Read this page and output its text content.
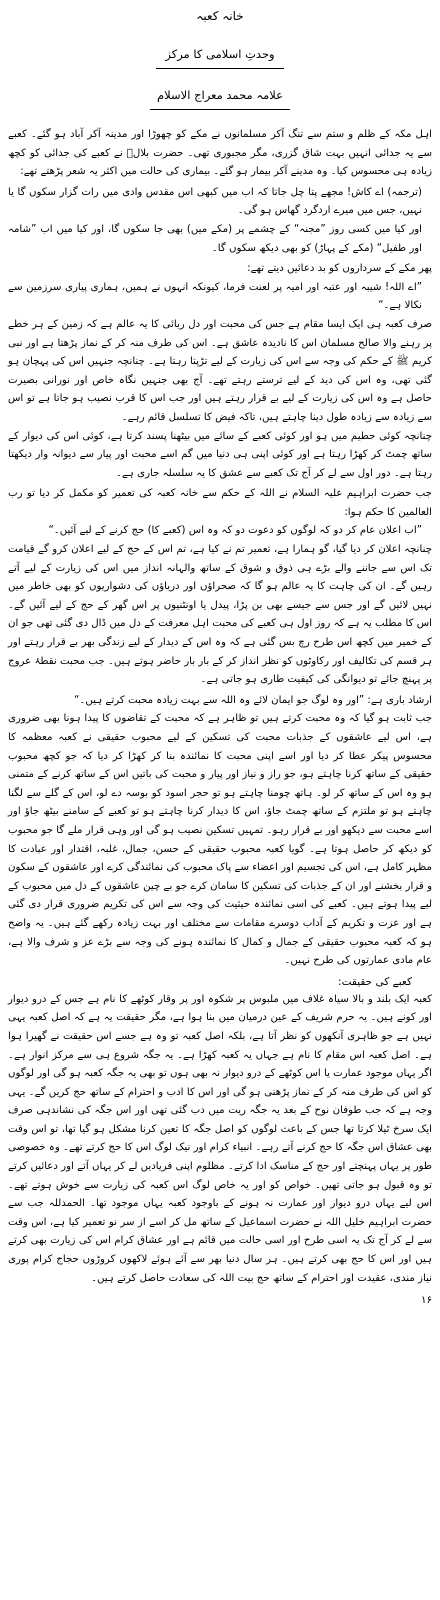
خانہ کعبہ
وحدتِ اسلامی کا مرکز
علامہ محمد معراج الاسلام

اہل مکہ کے ظلم و ستم سے تنگ آکر مسلمانوں نے مکے کو چھوڑا اور مدینہ آکر آباد ہو گئے۔ کعبے سے یہ جدائی انہیں بہت شاق گزری، مگر مجبوری تھی۔ حضرت بلالؓ نے کعبے کی جدائی کو کچھ زیادہ ہی محسوس کیا۔ وہ مدینے آکر بیمار ہو گئے۔ بیماری کی حالت میں اکثر یہ شعر پڑھتے تھے:

(ترجمہ) اے کاش! مجھے پتا چل جاتا کہ اب میں کبھی اس مقدس وادی میں رات گزار سکوں گا یا نہیں، جس میں میرے اردگرد گھاس ہو گی۔

اور کیا میں کسی روز ”مجنہ“ کے چشمے پر (مکے میں) بھی جا سکوں گا، اور کیا میں اب ”شامہ اور طفیل“ (مکے کے پہاڑ) کو بھی دیکھ سکوں گا۔

پھر مکے کے سرداروں کو بد دعائیں دیتے تھے:

”اے اللہ! شیبہ اور عتبہ اور امیہ پر لعنت فرما، کیونکہ انہوں نے ہمیں، ہماری پیاری سرزمین سے نکالا ہے۔“

صرف کعبہ ہی ایک ایسا مقام ہے جس کی محبت اور دل ربائی کا یہ عالم ہے کہ زمین کے ہر خطے پر رہنے والا صالح مسلمان اس کا نادیدہ عاشق ہے۔ اس کی طرف منہ کر کے نماز پڑھتا ہے اور نبی کریم ﷺ کے حکم کی وجہ سے اس کی زیارت کے لیے تڑپتا رہتا ہے۔ چنانچہ جنہیں اس کی پہچان ہو گئی تھی، وہ اس کی دید کے لیے ترستے رہتے تھے۔ آج بھی جنہیں نگاہ خاص اور نورانی بصیرت حاصل ہے وہ اس کی زیارت کے لیے بے قرار رہتے ہیں اور جب اس کا قرب نصیب ہو جاتا ہے تو اس سے زیادہ سے زیادہ طول دینا چاہتے ہیں، تاکہ فیض کا تسلسل قائم رہے۔

چنانچہ کوئی حطیم میں ہو اور کوئی کعبے کے سائے میں بیٹھنا پسند کرتا ہے، کوئی اس کی دیوار کے ساتھ چمٹ کر کھڑا رہتا ہے اور کوئی اپنی ہی دنیا میں گم اسے محبت اور پیار سے دیوانہ وار دیکھتا رہتا ہے۔ دور اول سے لے کر آج تک کعبے سے عشق کا یہ سلسلہ جاری ہے۔

جب حضرت ابراہیم علیہ السلام نے اللہ کے حکم سے خانہ کعبہ کی تعمیر کو مکمل کر دیا تو رب العالمین کا حکم ہوا:

”اب اعلان عام کر دو کہ لوگوں کو دعوت دو کہ وہ اس (کعبے کا) حج کرنے کے لیے آئیں۔“

چنانچہ اعلان کر دیا گیا، گو ہمارا ہے، تعمیر تم نے کیا ہے، تم اس کے حج کے لیے اعلان کرو گے قیامت تک اس سے جاننے والے بڑے ہی ذوق و شوق کے ساتھ والہانہ انداز میں اس کی زیارت کے لیے آتے رہیں گے۔ ان کی چاہت کا یہ عالم ہو گا کہ صحراؤں اور دریاؤں کی دشواریوں کو بھی خاطر میں نہیں لائیں گے اور جس سے جیسے بھی بن پڑا، پیدل یا اونٹنیوں پر اس گھر کے حج کے لیے آئیں گے۔ اس کا مطلب یہ ہے کہ روز اول ہی کعبے کی محبت اہل معرفت کے دل میں ڈال دی گئی تھی جو ان کے خمیر میں کچھ اس طرح رچ بس گئی ہے کہ وہ اس کے دیدار کے لیے زندگی بھر بے قرار رہتے اور ہر قسم کی تکالیف اور رکاوٹوں کو نظر انداز کر کے بار بار حاضر ہوتے ہیں۔ جب محبت نقطۂ عروج پر پہنچ جائے تو دیوانگی کی کیفیت طاری ہو جاتی ہے۔

ارشاد باری ہے: ”اور وہ لوگ جو ایمان لائے وہ اللہ سے بہت زیادہ محبت کرتے ہیں۔“

جب ثابت ہو گیا کہ وہ محبت کرتے ہیں تو ظاہر ہے کہ محبت کے تقاضوں کا پیدا ہونا بھی ضروری ہے، اس لیے عاشقوں کے جذبات محبت کی تسکین کے لیے محبوب حقیقی نے کعبہ معظمہ کا محسوس پیکر عطا کر دیا اور اسے اپنی محبت کا نمائندہ بنا کر کھڑا کر دیا کہ جو کچھ محبوب حقیقی کے ساتھ کرنا چاہتے ہو، جو راز و نیاز اور پیار و محبت کی باتیں اس کے ساتھ کرنے کے متمنی ہو وہ اس کے ساتھ کر لو۔ ہاتھ چومنا چاہتے ہو تو حجر اسود کو بوسہ دے لو، اس کے گلے سے لگنا چاہتے ہو تو ملتزم کے ساتھ چمٹ جاؤ، اس کا دیدار کرنا چاہتے ہو تو کعبے کے سامنے بیٹھ جاؤ اور اسے محبت سے دیکھو اور بے قرار رہو۔ تمہیں تسکین نصیب ہو گی اور وہی قرار ملے گا جو محبوب کو دیکھ کر حاصل ہوتا ہے۔ گویا کعبہ محبوب حقیقی کے حسن، جمال، غلبہ، اقتدار اور عبادت کا مظہر کامل ہے، اس کی تجسیم اور اعضاء سے پاک محبوب کی نمائندگی کرے اور عاشقوں کے سکون و قرار بخشنے اور ان کے جذبات کی تسکین کا سامان کرے جو بے چین عاشقوں کے دل میں محبوب کے لیے پیدا ہوتے ہیں۔ کعبے کی اسی نمائندہ حیثیت کی وجہ سے اس کی تکریم ضروری قرار دی گئی ہے اور عزت و تکریم کے آداب دوسرے مقامات سے مختلف اور بہت زیادہ رکھے گئے ہیں۔ یہ واضح ہو کہ کعبہ محبوب حقیقی کے جمال و کمال کا نمائندہ ہونے کی وجہ سے بڑے عز و شرف والا ہے، عام مادی عمارتوں کی طرح نہیں۔

کعبے کی حقیقت:

کعبہ ایک بلند و بالا سیاہ غلاف میں ملبوس پر شکوہ اور پر وقار کوٹھے کا نام ہے جس کے درو دیوار اور کونے ہیں۔ یہ حرم شریف کے عین درمیان میں بنا ہوا ہے، مگر حقیقت یہ ہے کہ اصل کعبہ یہی نہیں ہے جو ظاہری آنکھوں کو نظر آتا ہے، بلکہ اصل کعبہ تو وہ ہے جسے اس حقیقت نے گھیرا ہوا ہے۔ اصل کعبہ اس مقام کا نام ہے جہاں یہ کعبہ کھڑا ہے۔ یہ جگہ شروع ہی سے مرکز انوار ہے۔ اگر یہاں موجود عمارت یا اس کوٹھے کے درو دیوار نہ بھی ہوں تو بھی یہ جگہ کعبہ ہو گی اور لوگوں کو اس کی طرف منہ کر کے نماز پڑھنی ہو گی اور اس کا ادب و احترام کے ساتھ حج کریں گے۔ یہی وجہ ہے کہ جب طوفان نوح کے بعد یہ جگہ ریت میں دب گئی تھی اور اس جگہ کی نشاندہی صرف ایک سرخ ٹیلا کرتا تھا جس کے باعث لوگوں کو اصل جگہ کا تعین کرنا مشکل ہو گیا تھا، تو اس وقت بھی عشاق اس جگہ کا حج کرنے آتے رہے۔ انبیاء کرام اور نیک لوگ اس کا حج کرتے تھے۔ وہ خصوصی طور پر یہاں پہنچتے اور حج کے مناسک ادا کرتے۔ مظلوم اپنی فریادیں لے کر یہاں آتے اور دعائیں کرتے تو وہ قبول ہو جاتی تھیں۔ خواص کو اور یہ خاص لوگ اس کعبہ کی زیارت سے خوش ہوتے تھے۔ اس لیے یہاں درو دیوار اور عمارت نہ ہونے کے باوجود کعبہ یہاں موجود تھا۔ الحمدللہ جب سے حضرت ابراہیم خلیل اللہ نے حضرت اسماعیل کے ساتھ مل کر اسے از سر نو تعمیر کیا ہے، اس وقت سے لے کر آج تک یہ اسی طرح اور اسی حالت میں قائم ہے اور عشاق کرام اس کی زیارت بھی کرتے ہیں اور اس کا حج بھی کرتے ہیں۔ ہر سال دنیا بھر سے آئے ہوئے لاکھوں کروڑوں حجاج کرام پوری نیاز مندی، عقیدت اور احترام کے ساتھ حج بیت اللہ کی سعادت حاصل کرتے ہیں۔

۱۶
